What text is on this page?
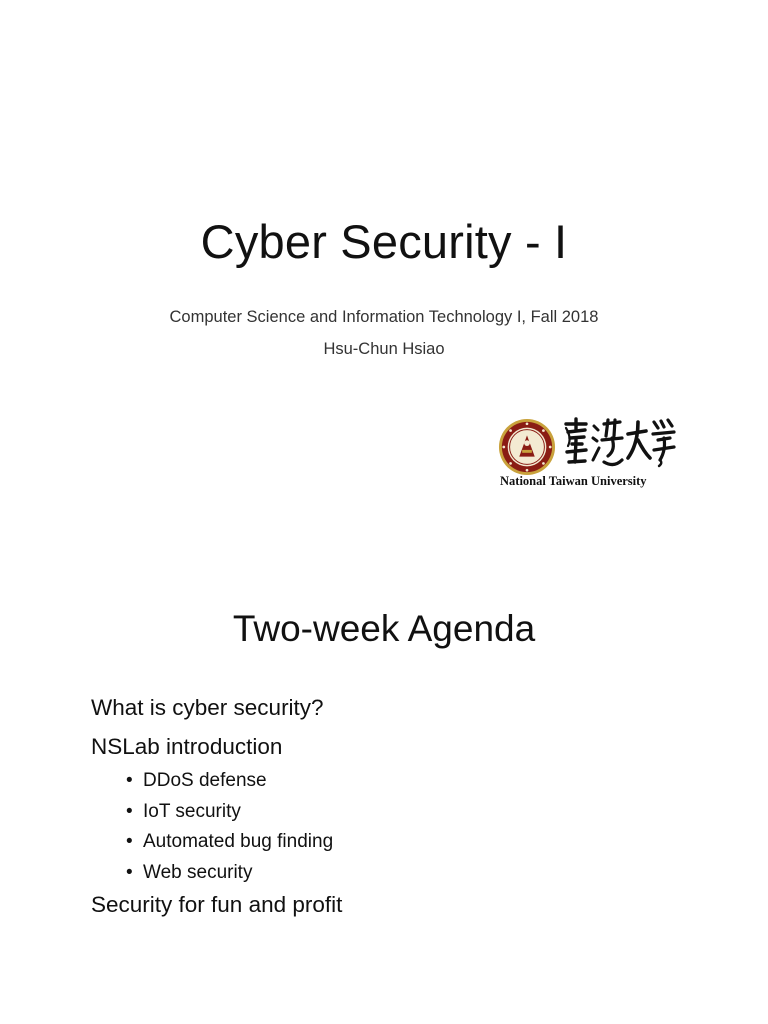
Cyber Security - I

Computer Science and Information Technology I, Fall 2018

Hsu-Chun Hsiao

National Taiwan University
Two-week Agenda

What is cyber security?

NSLab introduction

• DDoS defense
• IoT security
• Automated bug finding
• Web security

Security for fun and profit
